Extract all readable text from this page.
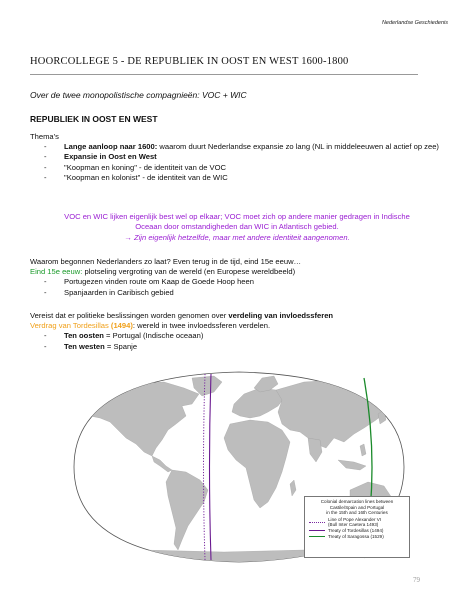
Nederlandse Geschiedenis
HOORCOLLEGE 5 - DE REPUBLIEK IN OOST EN WEST 1600-1800
Over de twee monopolistische compagnieën: VOC + WIC
REPUBLIEK IN OOST EN WEST
Thema's
- Lange aanloop naar 1600: waarom duurt Nederlandse expansie zo lang (NL in middeleeuwen al actief op zee)
- Expansie in Oost en West
- "Koopman en koning" - de identiteit van de VOC
- "Koopman en kolonist" - de identiteit van de WIC
VOC en WIC lijken eigenlijk best wel op elkaar; VOC moet zich op andere manier gedragen in Indische
Oceaan door omstandigheden dan WIC in Atlantisch gebied.
→ Zijn eigenlijk hetzelfde, maar met andere identiteit aangenomen.
Waarom begonnen Nederlanders zo laat? Even terug in de tijd, eind 15e eeuw…
Eind 15e eeuw: plotseling vergroting van de wereld (en Europese wereldbeeld)
- Portugezen vinden route om Kaap de Goede Hoop heen
- Spanjaarden in Caribisch gebied
Vereist dat er politieke beslissingen worden genomen over verdeling van invloedssferen
Verdrag van Tordesillas (1494): wereld in twee invloedssferen verdelen.
- Ten oosten = Portugal (Indische oceaan)
- Ten westen = Spanje
Colonial demarcation lines between
Castile/Spain and Portugal
in the 15th and 16th Centuries
Line of Pope Alexander VI
(Bull Inter Caetera 1493)
Treaty of Tordesillas (1494)
Treaty of Saragossa (1529)
79
